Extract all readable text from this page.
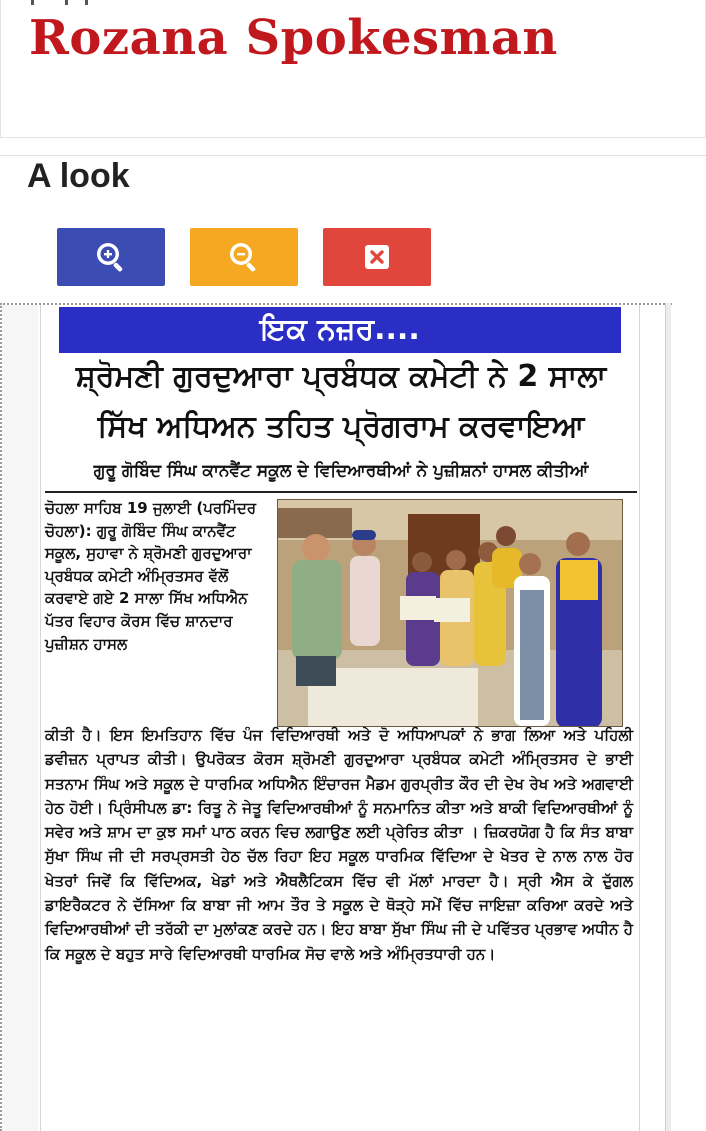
Rozana Spokesman
A look
ਇਕ ਨਜ਼ਰ....
ਸ਼੍ਰੋਮਣੀ ਗੁਰਦੁਆਰਾ ਪ੍ਰਬੰਧਕ ਕਮੇਟੀ ਨੇ 2 ਸਾਲਾ
ਸਿੱਖ ਅਧਿਅਨ ਤਹਿਤ ਪ੍ਰੋਗਰਾਮ ਕਰਵਾਇਆ
ਗੁਰੂ ਗੋਬਿੰਦ ਸਿੰਘ ਕਾਨਵੈਂਟ ਸਕੂਲ ਦੇ ਵਿਦਿਆਰਥੀਆਂ ਨੇ ਪੁਜ਼ੀਸ਼ਨਾਂ ਹਾਸਲ ਕੀਤੀਆਂ
ਚੋਹਲਾ ਸਾਹਿਬ 19 ਜੁਲਾਈ (ਪਰਮਿੰਦਰ ਚੋਹਲਾ): ਗੁਰੂ ਗੋਬਿੰਦ ਸਿੰਘ ਕਾਨਵੈਂਟ ਸਕੂਲ, ਸੁਹਾਵਾ ਨੇ ਸ਼੍ਰੋਮਣੀ ਗੁਰਦੁਆਰਾ ਪ੍ਰਬੰਧਕ ਕਮੇਟੀ ਅੰਮ੍ਰਿਤਸਰ ਵੱਲੋਂ ਕਰਵਾਏ ਗਏ 2 ਸਾਲਾ ਸਿੱਖ ਅਧਿਐਨ ਪੱਤਰ ਵਿਹਾਰ ਕੋਰਸ ਵਿੱਚ ਸ਼ਾਨਦਾਰ ਪੁਜ਼ੀਸ਼ਨ ਹਾਸਲ
ਕੀਤੀ ਹੈ। ਇਸ ਇਮਤਿਹਾਨ ਵਿੱਚ ਪੰਜ ਵਿਦਿਆਰਥੀ ਅਤੇ ਦੋ ਅਧਿਆਪਕਾਂ ਨੇ ਭਾਗ ਲਿਆ ਅਤੇ ਪਹਿਲੀ ਡਵੀਜ਼ਨ ਪ੍ਰਾਪਤ ਕੀਤੀ। ਉਪਰੋਕਤ ਕੋਰਸ ਸ਼੍ਰੋਮਣੀ ਗੁਰਦੁਆਰਾ ਪ੍ਰਬੰਧਕ ਕਮੇਟੀ ਅੰਮ੍ਰਿਤਸਰ ਦੇ ਭਾਈ ਸਤਨਾਮ ਸਿੰਘ ਅਤੇ ਸਕੂਲ ਦੇ ਧਾਰਮਿਕ ਅਧਿਐਨ ਇੰਚਾਰਜ ਮੈਡਮ ਗੁਰਪ੍ਰੀਤ ਕੌਰ ਦੀ ਦੇਖ ਰੇਖ ਅਤੇ ਅਗਵਾਈ ਹੇਠ ਹੋਈ। ਪ੍ਰਿੰਸੀਪਲ ਡਾ: ਰਿਤੂ ਨੇ ਜੇਤੂ ਵਿਦਿਆਰਥੀਆਂ ਨੂੰ ਸਨਮਾਨਿਤ ਕੀਤਾ ਅਤੇ ਬਾਕੀ ਵਿਦਿਆਰਥੀਆਂ ਨੂੰ ਸਵੇਰ ਅਤੇ ਸ਼ਾਮ ਦਾ ਕੁਝ ਸਮਾਂ ਪਾਠ ਕਰਨ ਵਿਚ ਲਗਾਉਣ ਲਈ ਪ੍ਰੇਰਿਤ ਕੀਤਾ । ਜ਼ਿਕਰਯੋਗ ਹੈ ਕਿ ਸੰਤ ਬਾਬਾ ਸੁੱਖਾ ਸਿੰਘ ਜੀ ਦੀ ਸਰਪ੍ਰਸਤੀ ਹੇਠ ਚੱਲ ਰਿਹਾ ਇਹ ਸਕੂਲ ਧਾਰਮਿਕ ਵਿੱਦਿਆ ਦੇ ਖੇਤਰ ਦੇ ਨਾਲ ਨਾਲ ਹੋਰ ਖੇਤਰਾਂ ਜਿਵੇਂ ਕਿ ਵਿੱਦਿਅਕ, ਖੇਡਾਂ ਅਤੇ ਐਥਲੈਟਿਕਸ ਵਿੱਚ ਵੀ ਮੱਲਾਂ ਮਾਰਦਾ ਹੈ। ਸ੍ਰੀ ਐਸ ਕੇ ਦੁੱਗਲ ਡਾਇਰੈਕਟਰ ਨੇ ਦੱਸਿਆ ਕਿ ਬਾਬਾ ਜੀ ਆਮ ਤੌਰ ਤੇ ਸਕੂਲ ਦੇ ਥੋੜ੍ਹੇ ਸਮੇਂ ਵਿੱਚ ਜਾਇਜ਼ਾ ਕਰਿਆ ਕਰਦੇ ਅਤੇ ਵਿਦਿਆਰਥੀਆਂ ਦੀ ਤਰੱਕੀ ਦਾ ਮੁਲਾਂਕਣ ਕਰਦੇ ਹਨ। ਇਹ ਬਾਬਾ ਸੁੱਖਾ ਸਿੰਘ ਜੀ ਦੇ ਪਵਿੱਤਰ ਪ੍ਰਭਾਵ ਅਧੀਨ ਹੈ ਕਿ ਸਕੂਲ ਦੇ ਬਹੁਤ ਸਾਰੇ ਵਿਦਿਆਰਥੀ ਧਾਰਮਿਕ ਸੋਚ ਵਾਲੇ ਅਤੇ ਅੰਮ੍ਰਿਤਧਾਰੀ ਹਨ।
